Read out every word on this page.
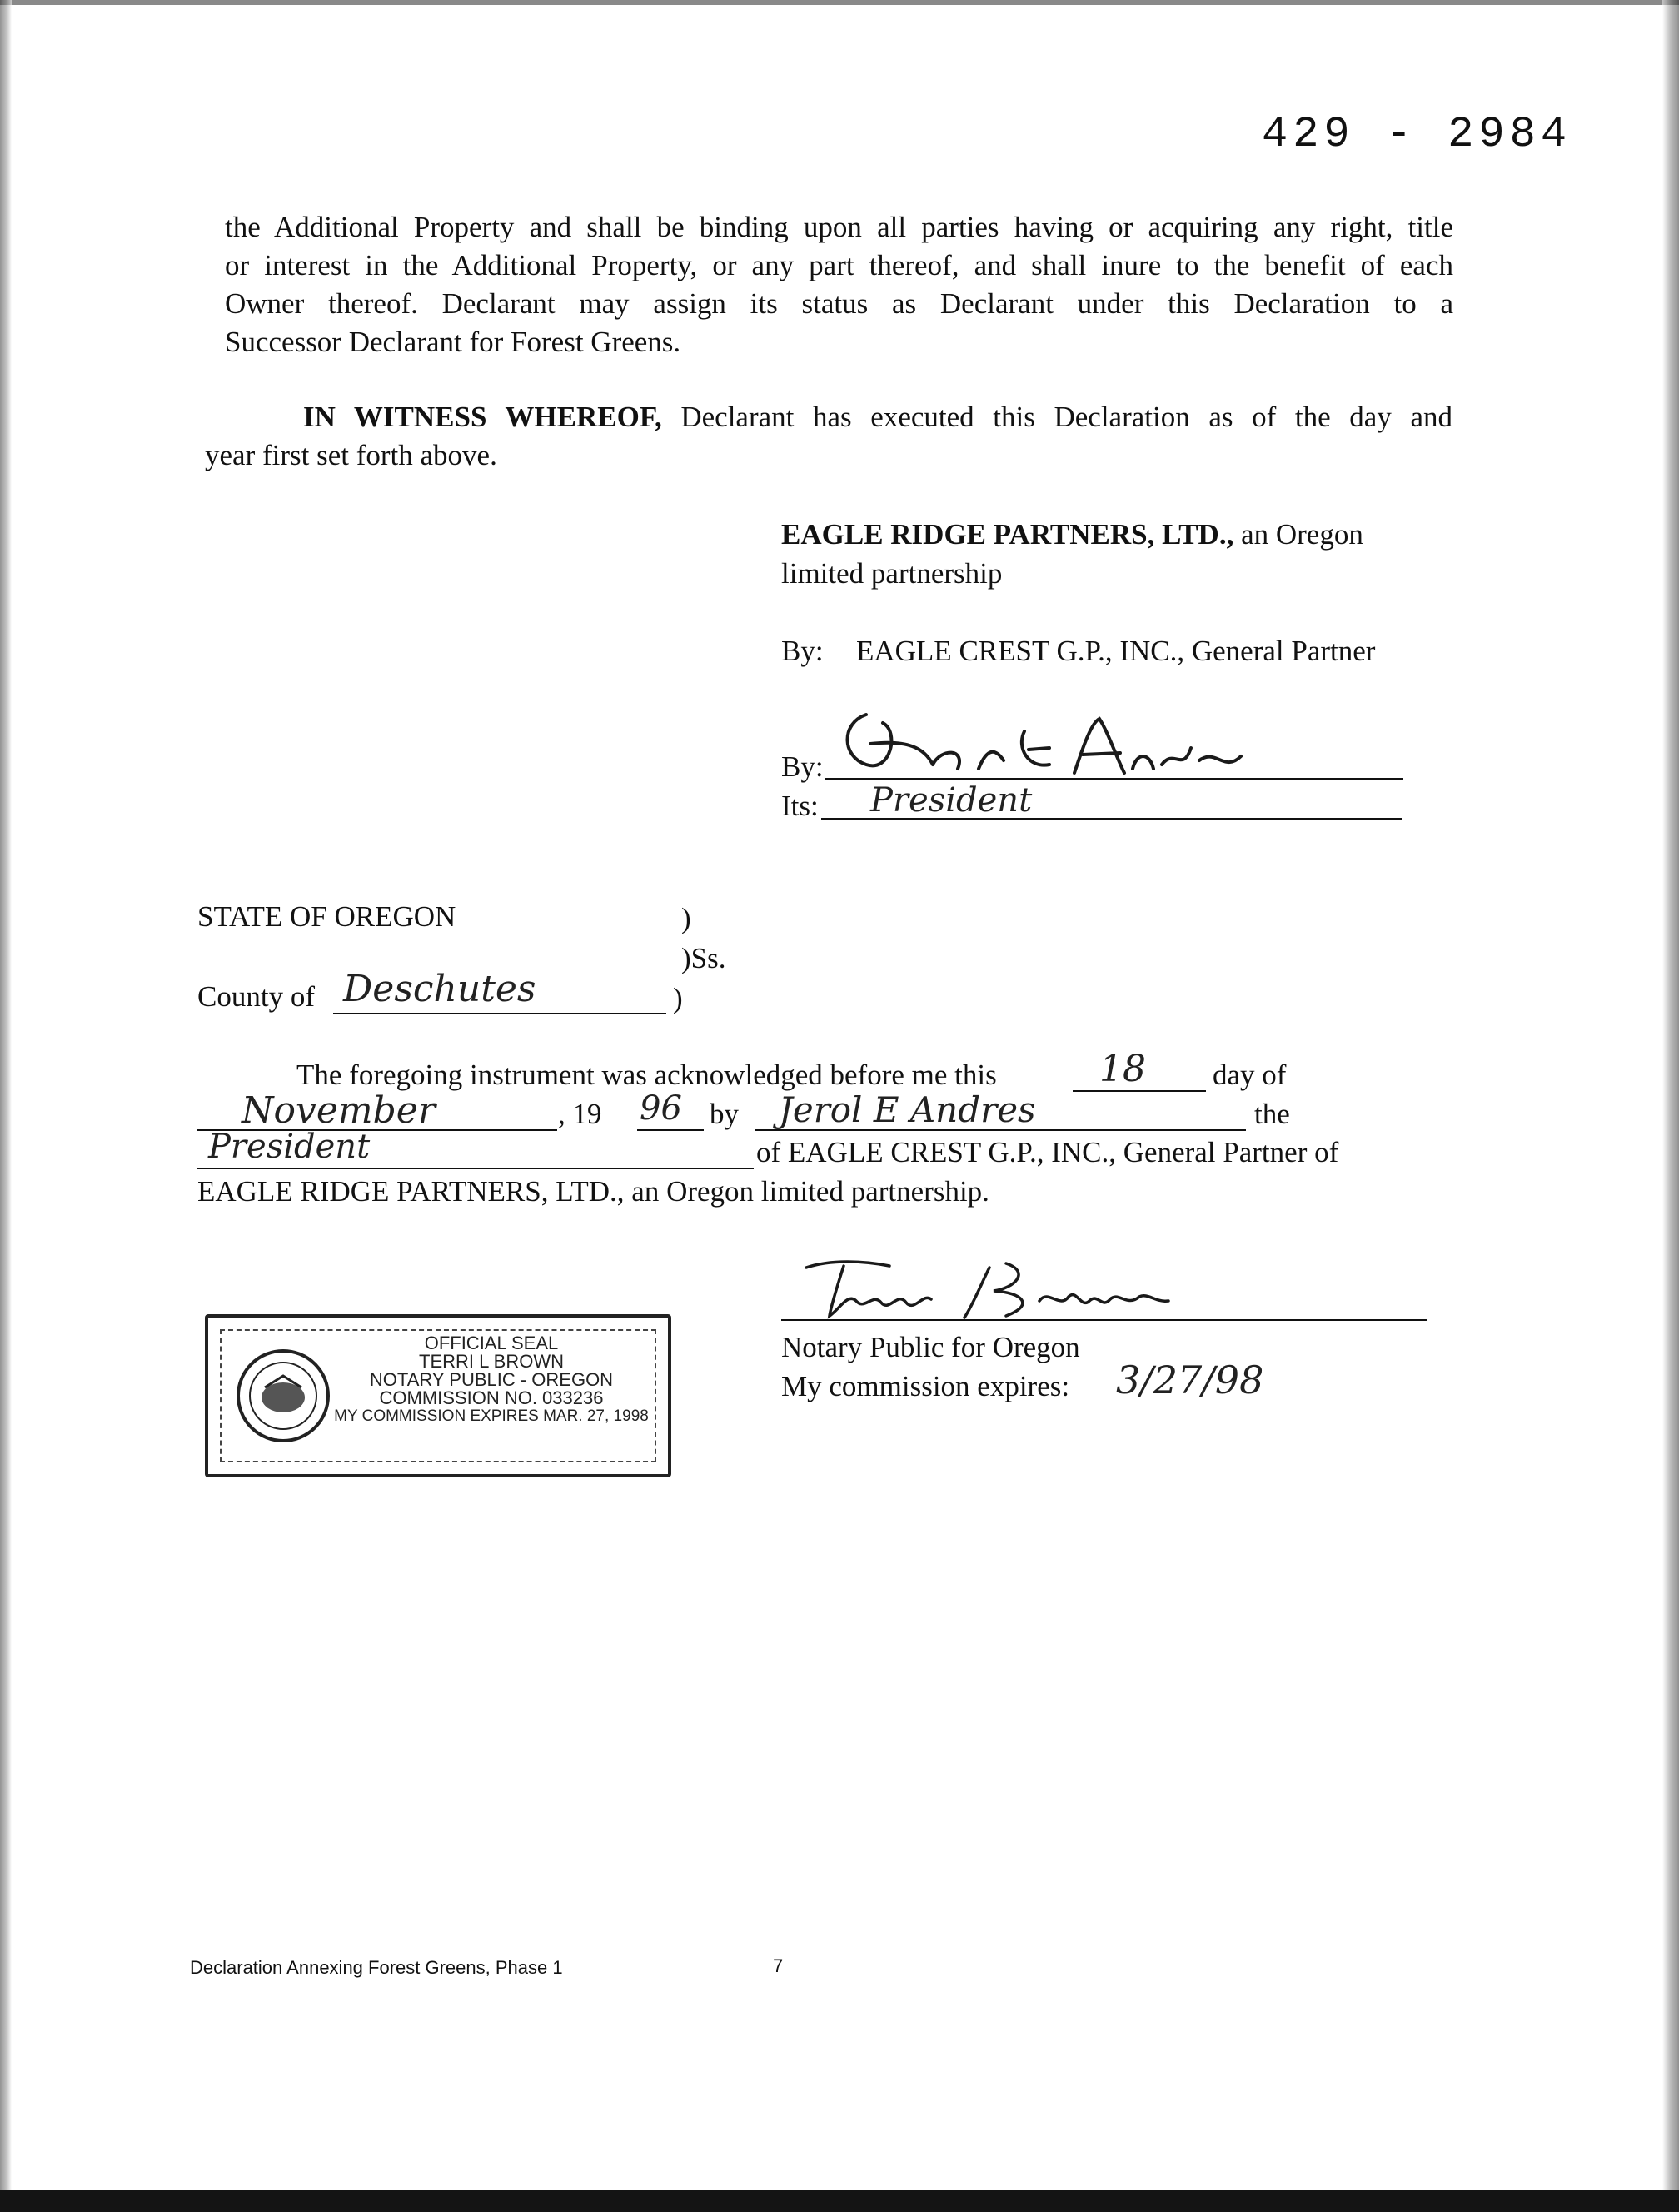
429 - 2984
the Additional Property and shall be binding upon all parties having or acquiring any right, title
or interest in the Additional Property, or any part thereof, and shall inure to the benefit of each
Owner thereof. Declarant may assign its status as Declarant under this Declaration to a
Successor Declarant for Forest Greens.
IN WITNESS WHEREOF, Declarant has executed this Declaration as of the day and
year first set forth above.
EAGLE RIDGE PARTNERS, LTD., an Oregon
limited partnership
By: EAGLE CREST G.P., INC., General Partner
By:
Its: President
STATE OF OREGON	)
)Ss.
County of Deschutes	)
The foregoing instrument was acknowledged before me this	18 day of
November	, 19 96 by Jerol E Andres	the
President	of EAGLE CREST G.P., INC., General Partner of
EAGLE RIDGE PARTNERS, LTD., an Oregon limited partnership.
Notary Public for Oregon
My commission expires: 3/27/98
OFFICIAL SEAL
TERRI L BROWN
NOTARY PUBLIC - OREGON
COMMISSION NO. 033236
MY COMMISSION EXPIRES MAR. 27, 1998
Declaration Annexing Forest Greens, Phase 1	7
